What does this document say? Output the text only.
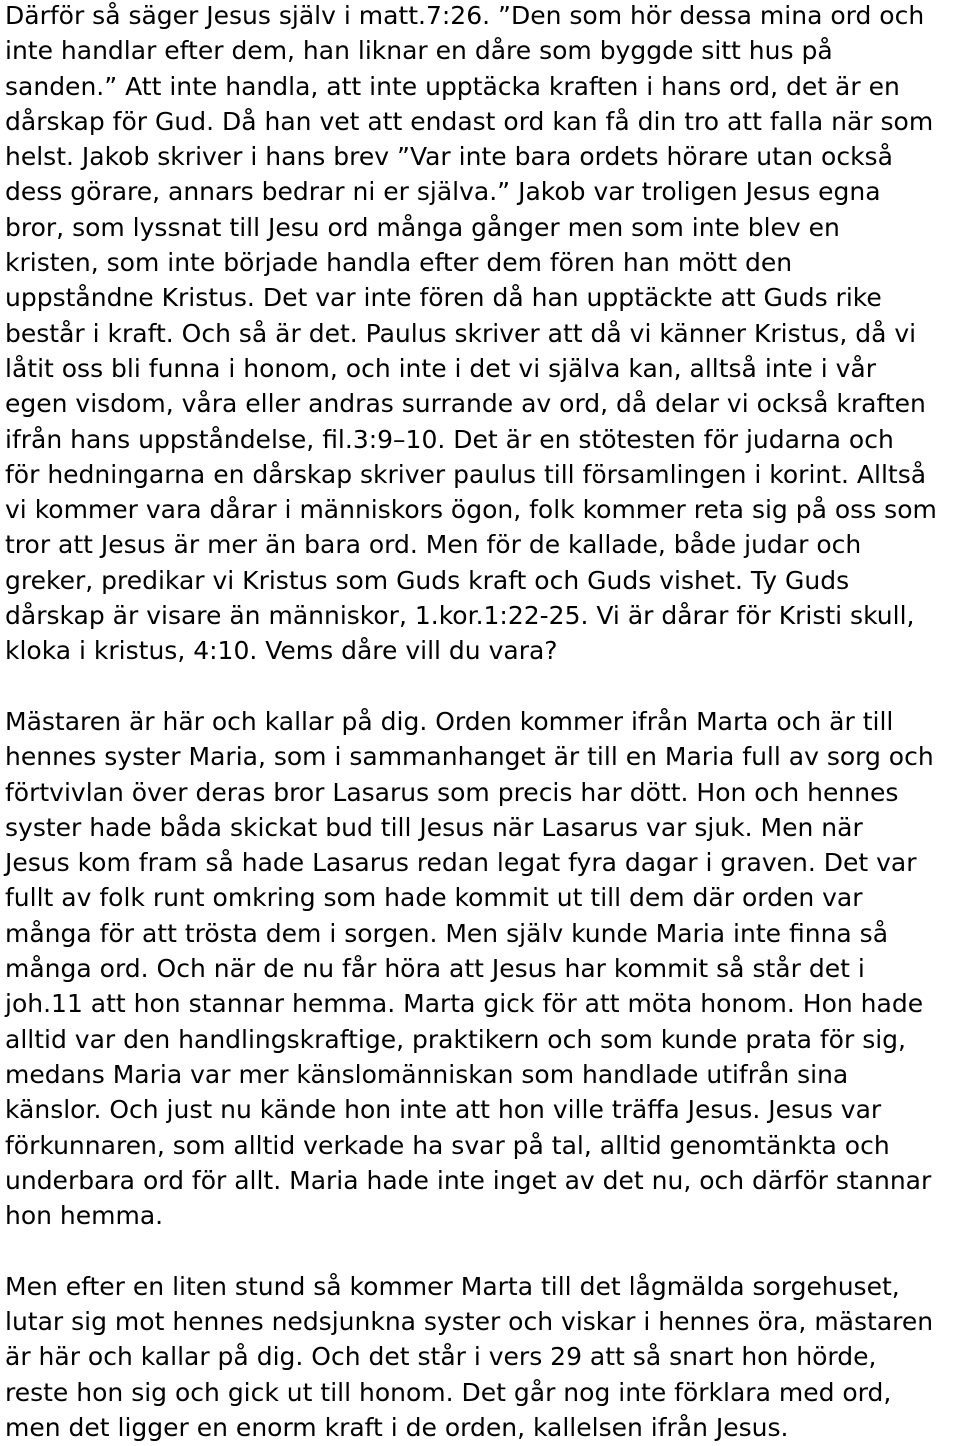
Därför så säger Jesus själv i matt.7:26. ”Den som hör dessa mina ord och
inte handlar efter dem, han liknar en dåre som byggde sitt hus på
sanden.” Att inte handla, att inte upptäcka kraften i hans ord, det är en
dårskap för Gud. Då han vet att endast ord kan få din tro att falla när som
helst. Jakob skriver i hans brev ”Var inte bara ordets hörare utan också
dess görare, annars bedrar ni er själva.” Jakob var troligen Jesus egna
bror, som lyssnat till Jesu ord många gånger men som inte blev en
kristen, som inte började handla efter dem fören han mött den
uppståndne Kristus. Det var inte fören då han upptäckte att Guds rike
består i kraft. Och så är det. Paulus skriver att då vi känner Kristus, då vi
låtit oss bli funna i honom, och inte i det vi själva kan, alltså inte i vår
egen visdom, våra eller andras surrande av ord, då delar vi också kraften
ifrån hans uppståndelse, fil.3:9–10. Det är en stötesten för judarna och
för hedningarna en dårskap skriver paulus till församlingen i korint. Alltså
vi kommer vara dårar i människors ögon, folk kommer reta sig på oss som
tror att Jesus är mer än bara ord. Men för de kallade, både judar och
greker, predikar vi Kristus som Guds kraft och Guds vishet. Ty Guds
dårskap är visare än människor, 1.kor.1:22-25. Vi är dårar för Kristi skull,
kloka i kristus, 4:10. Vems dåre vill du vara?
Mästaren är här och kallar på dig. Orden kommer ifrån Marta och är till
hennes syster Maria, som i sammanhanget är till en Maria full av sorg och
förtvivlan över deras bror Lasarus som precis har dött. Hon och hennes
syster hade båda skickat bud till Jesus när Lasarus var sjuk. Men när
Jesus kom fram så hade Lasarus redan legat fyra dagar i graven. Det var
fullt av folk runt omkring som hade kommit ut till dem där orden var
många för att trösta dem i sorgen. Men själv kunde Maria inte finna så
många ord. Och när de nu får höra att Jesus har kommit så står det i
joh.11 att hon stannar hemma. Marta gick för att möta honom. Hon hade
alltid var den handlingskraftige, praktikern och som kunde prata för sig,
medans Maria var mer känslomänniskan som handlade utifrån sina
känslor. Och just nu kände hon inte att hon ville träffa Jesus. Jesus var
förkunnaren, som alltid verkade ha svar på tal, alltid genomtänkta och
underbara ord för allt. Maria hade inte inget av det nu, och därför stannar
hon hemma.
Men efter en liten stund så kommer Marta till det lågmälda sorgehuset,
lutar sig mot hennes nedsjunkna syster och viskar i hennes öra, mästaren
är här och kallar på dig. Och det står i vers 29 att så snart hon hörde,
reste hon sig och gick ut till honom. Det går nog inte förklara med ord,
men det ligger en enorm kraft i de orden, kallelsen ifrån Jesus.
